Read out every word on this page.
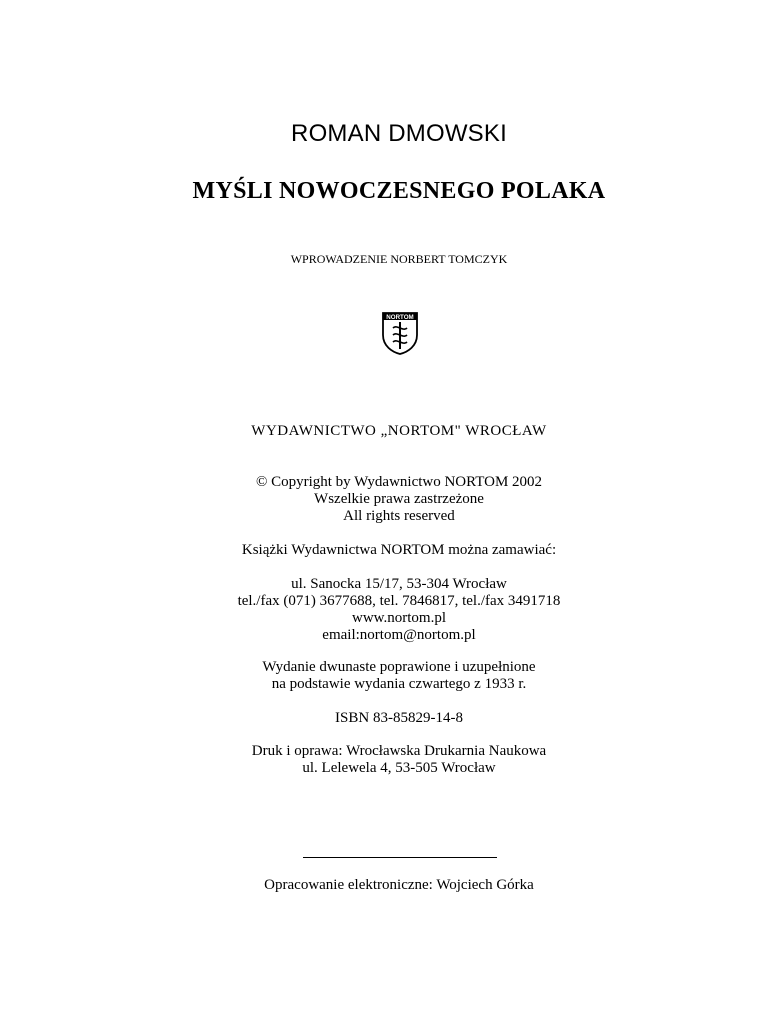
ROMAN DMOWSKI
MYŚLI NOWOCZESNEGO POLAKA
WPROWADZENIE NORBERT TOMCZYK
NORTOM
WYDAWNICTWO „NORTOM" WROCŁAW
© Copyright by Wydawnictwo NORTOM 2002
Wszelkie prawa zastrzeżone
All rights reserved
Książki Wydawnictwa NORTOM można zamawiać:
ul. Sanocka 15/17, 53-304 Wrocław
tel./fax (071) 3677688, tel. 7846817, tel./fax 3491718
www.nortom.pl
email:nortom@nortom.pl
Wydanie dwunaste poprawione i uzupełnione
na podstawie wydania czwartego z 1933 r.
ISBN 83-85829-14-8
Druk i oprawa: Wrocławska Drukarnia Naukowa
ul. Lelewela 4, 53-505 Wrocław
Opracowanie elektroniczne: Wojciech Górka
